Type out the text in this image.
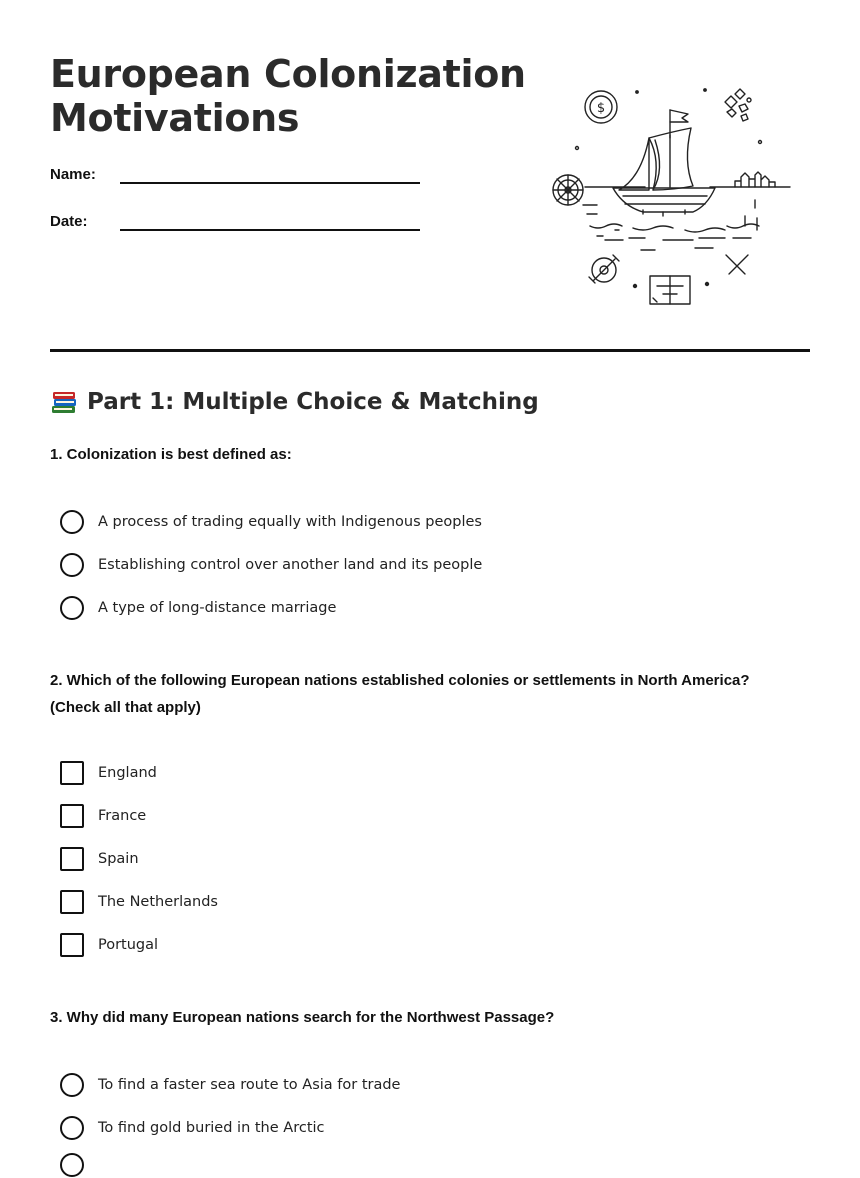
European Colonization
Motivations
Name:
Date:
$
Part 1: Multiple Choice & Matching
1. Colonization is best defined as:
A process of trading equally with Indigenous peoples
Establishing control over another land and its people
A type of long-distance marriage
2. Which of the following European nations established colonies or settlements in North America?
(Check all that apply)
England
France
Spain
The Netherlands
Portugal
3. Why did many European nations search for the Northwest Passage?
To find a faster sea route to Asia for trade
To find gold buried in the Arctic
